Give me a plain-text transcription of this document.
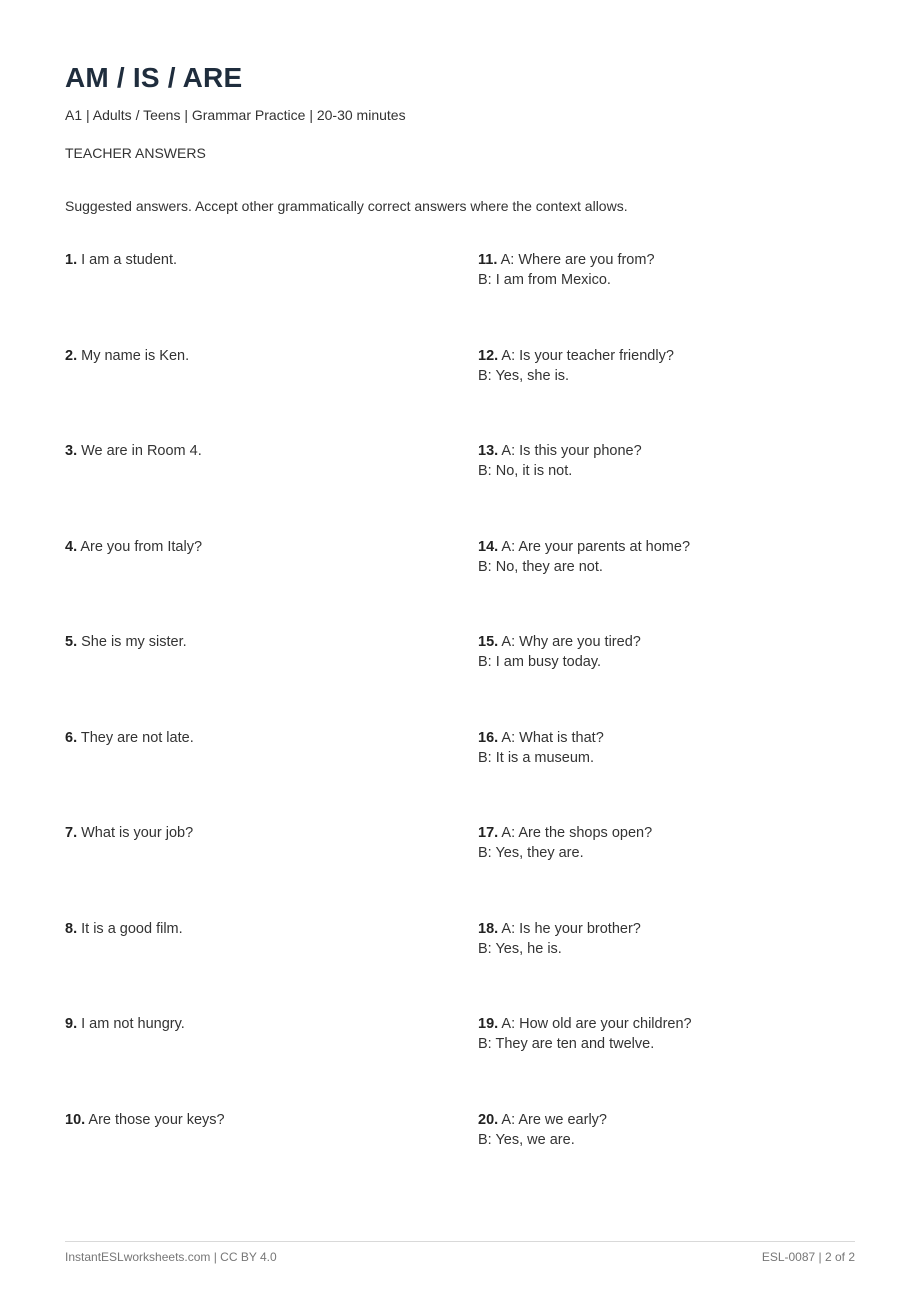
AM / IS / ARE
A1 | Adults / Teens | Grammar Practice | 20-30 minutes
TEACHER ANSWERS
Suggested answers. Accept other grammatically correct answers where the context allows.
1. I am a student.
2. My name is Ken.
3. We are in Room 4.
4. Are you from Italy?
5. She is my sister.
6. They are not late.
7. What is your job?
8. It is a good film.
9. I am not hungry.
10. Are those your keys?
11. A: Where are you from?
B: I am from Mexico.
12. A: Is your teacher friendly?
B: Yes, she is.
13. A: Is this your phone?
B: No, it is not.
14. A: Are your parents at home?
B: No, they are not.
15. A: Why are you tired?
B: I am busy today.
16. A: What is that?
B: It is a museum.
17. A: Are the shops open?
B: Yes, they are.
18. A: Is he your brother?
B: Yes, he is.
19. A: How old are your children?
B: They are ten and twelve.
20. A: Are we early?
B: Yes, we are.
InstantESLworksheets.com | CC BY 4.0	ESL-0087 | 2 of 2
